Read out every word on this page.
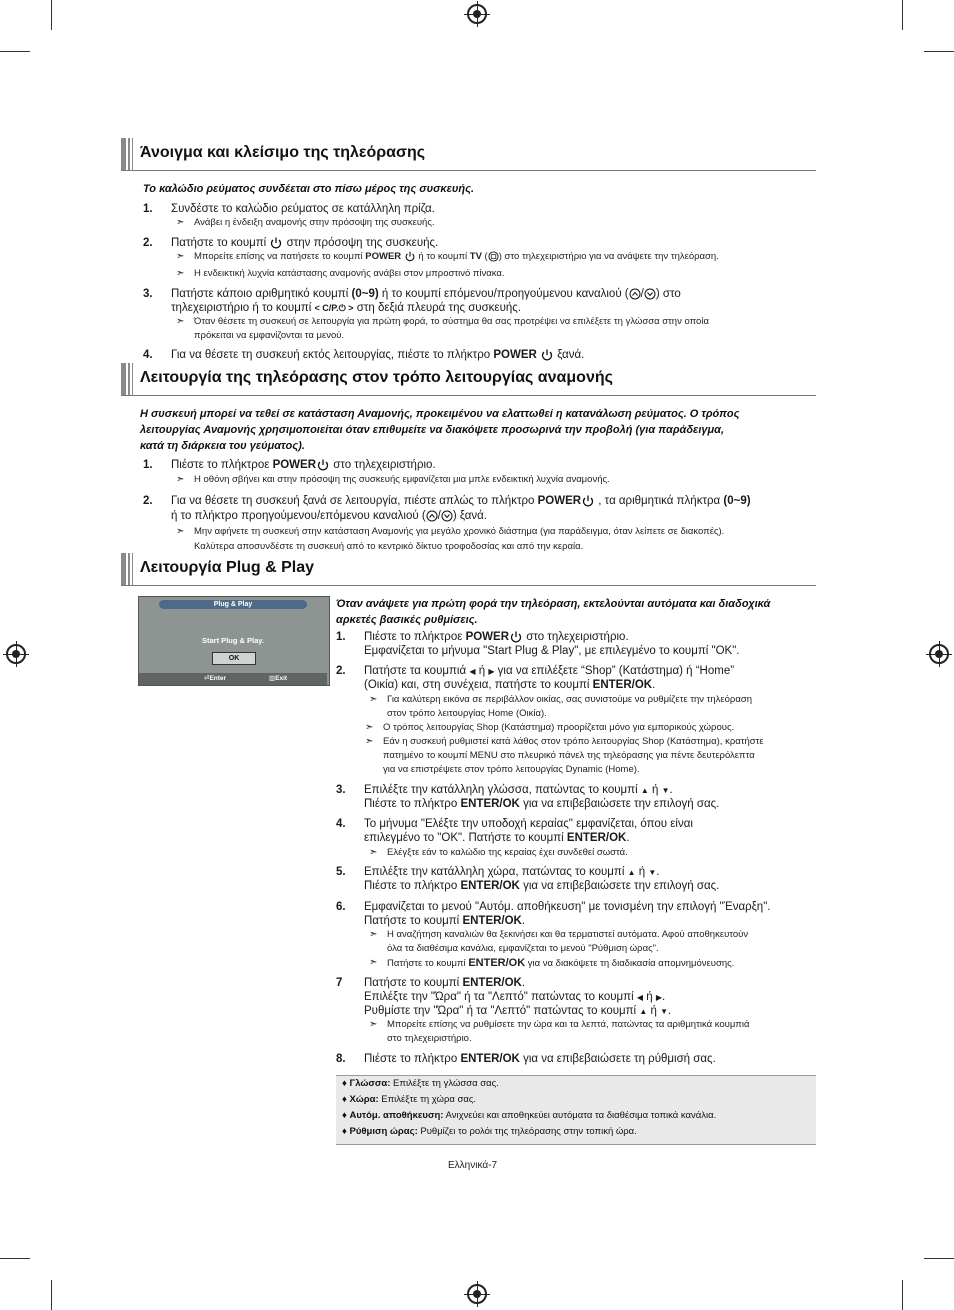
Άνοιγμα και κλείσιμο της τηλεόρασης
Το καλώδιο ρεύματος συνδέεται στο πίσω μέρος της συσκευής.
1. Συνδέστε το καλώδιο ρεύματος σε κατάλληλη πρίζα.
➣ Ανάβει η ένδειξη αναμονής στην πρόσοψη της συσκευής.
2. Πατήστε το κουμπί στην πρόσοψη της συσκευής.
➣ Μπορείτε επίσης να πατήσετε το κουμπί POWER ή το κουμπί TV ( ) στο τηλεχειριστήριο για να ανάψετε την τηλεόραση.
➣ Η ενδεικτική λυχνία κατάστασης αναμονής ανάβει στον μπροστινό πίνακα.
3. Πατήστε κάποιο αριθμητικό κουμπί (0~9) ή το κουμπί επόμενου/προηγούμενου καναλιού ( / ) στο
τηλεχειριστήριο ή το κουμπί < C/P.⏻ > στη δεξιά πλευρά της συσκευής.
➣ Όταν θέσετε τη συσκευή σε λειτουργία για πρώτη φορά, το σύστημα θα σας προτρέψει να επιλέξετε τη γλώσσα στην οποία
πρόκειται να εμφανίζονται τα μενού.
4. Για να θέσετε τη συσκευή εκτός λειτουργίας, πιέστε το πλήκτρο POWER ξανά.
Λειτουργία της τηλεόρασης στον τρόπο λειτουργίας αναμονής
Η συσκευή μπορεί να τεθεί σε κατάσταση Αναμονής, προκειμένου να ελαττωθεί η κατανάλωση ρεύματος. Ο τρόπος
λειτουργίας Αναμονής χρησιμοποιείται όταν επιθυμείτε να διακόψετε προσωρινά την προβολή (για παράδειγμα,
κατά τη διάρκεια του γεύματος).
1. Πιέστε το πλήκτροε POWER στο τηλεχειριστήριο.
➣ Η οθόνη σβήνει και στην πρόσοψη της συσκευής εμφανίζεται μια μπλε ενδεικτική λυχνία αναμονής.
2. Για να θέσετε τη συσκευή ξανά σε λειτουργία, πιέστε απλώς το πλήκτρο POWER , τα αριθμητικά πλήκτρα (0~9)
ή το πλήκτρο προηγούμενου/επόμενου καναλιού ( / ) ξανά.
➣ Μην αφήνετε τη συσκευή στην κατάσταση Αναμονής για μεγάλο χρονικό διάστημα (για παράδειγμα, όταν λείπετε σε διακοπές).
Καλύτερα αποσυνδέστε τη συσκευή από το κεντρικό δίκτυο τροφοδοσίας και από την κεραία.
Λειτουργία Plug & Play
Plug & Play
Start Plug & Play.
OK
⏎Enter	▥Exit
Όταν ανάψετε για πρώτη φορά την τηλεόραση, εκτελούνται αυτόματα και διαδοχικά
αρκετές βασικές ρυθμίσεις.
1. Πιέστε το πλήκτροε POWER στο τηλεχειριστήριο.
Εμφανίζεται το μήνυμα "Start Plug & Play", με επιλεγμένο το κουμπί "OK".
2. Πατήστε τα κουμπιά ◀ ή ▶ για να επιλέξετε “Shop” (Κατάστημα) ή “Home”
(Οικία) και, στη συνέχεια, πατήστε το κουμπί ENTER/OK.
➣ Για καλύτερη εικόνα σε περιβάλλον οικίας, σας συνιστούμε να ρυθμίζετε την τηλεόραση
στον τρόπο λειτουργίας Home (Οικία).
➣ Ο τρόπος λειτουργίας Shop (Κατάστημα) προορίζεται μόνο για εμπορικούς χώρους.
➣ Εάν η συσκευή ρυθμιστεί κατά λάθος στον τρόπο λειτουργίας Shop (Κατάστημα), κρατήστε
πατημένο το κουμπί MENU στο πλευρικό πάνελ της τηλεόρασης για πέντε δευτερόλεπτα
για να επιστρέψετε στον τρόπο λειτουργίας Dynamic (Home).
3. Επιλέξτε την κατάλληλη γλώσσα, πατώντας το κουμπί ▲ ή ▼.
Πιέστε το πλήκτρο ENTER/OK για να επιβεβαιώσετε την επιλογή σας.
4. Το μήνυμα "Ελέξτε την υποδοχή κεραίας" εμφανίζεται, όπου είναι
επιλεγμένο το "OK". Πατήστε το κουμπί ENTER/OK.
➣ Ελέγξτε εάν το καλώδιο της κεραίας έχει συνδεθεί σωστά.
5. Επιλέξτε την κατάλληλη χώρα, πατώντας το κουμπί ▲ ή ▼.
Πιέστε το πλήκτρο ENTER/OK για να επιβεβαιώσετε την επιλογή σας.
6. Εμφανίζεται το μενού "Αυτόμ. αποθήκευση" με τονισμένη την επιλογή "Έναρξη".
Πατήστε το κουμπί ENTER/OK.
➣ Η αναζήτηση καναλιών θα ξεκινήσει και θα τερματιστεί αυτόματα. Αφού αποθηκευτούν
όλα τα διαθέσιμα κανάλια, εμφανίζεται το μενού "Ρύθμιση ώρας".
➣ Πατήστε το κουμπί ENTER/OK για να διακόψετε τη διαδικασία απομνημόνευσης.
7 Πατήστε το κουμπί ENTER/OK.
Επιλέξτε την "Ώρα" ή τα "Λεπτό" πατώντας το κουμπί ◀ ή ▶.
Ρυθμίστε την "Ώρα" ή τα "Λεπτό" πατώντας το κουμπί ▲ ή ▼.
➣ Μπορείτε επίσης να ρυθμίσετε την ώρα και τα λεπτά, πατώντας τα αριθμητικά κουμπιά
στο τηλεχειριστήριο.
8. Πιέστε το πλήκτρο ENTER/OK για να επιβεβαιώσετε τη ρύθμισή σας.
♦ Γλώσσα: Επιλέξτε τη γλώσσα σας.
♦ Χώρα: Επιλέξτε τη χώρα σας.
♦ Αυτόμ. αποθήκευση: Ανιχνεύει και αποθηκεύει αυτόματα τα διαθέσιμα τοπικά κανάλια.
♦ Ρύθμιση ώρας: Ρυθμίζει το ρολόι της τηλεόρασης στην τοπική ώρα.
Ελληνικά-7
